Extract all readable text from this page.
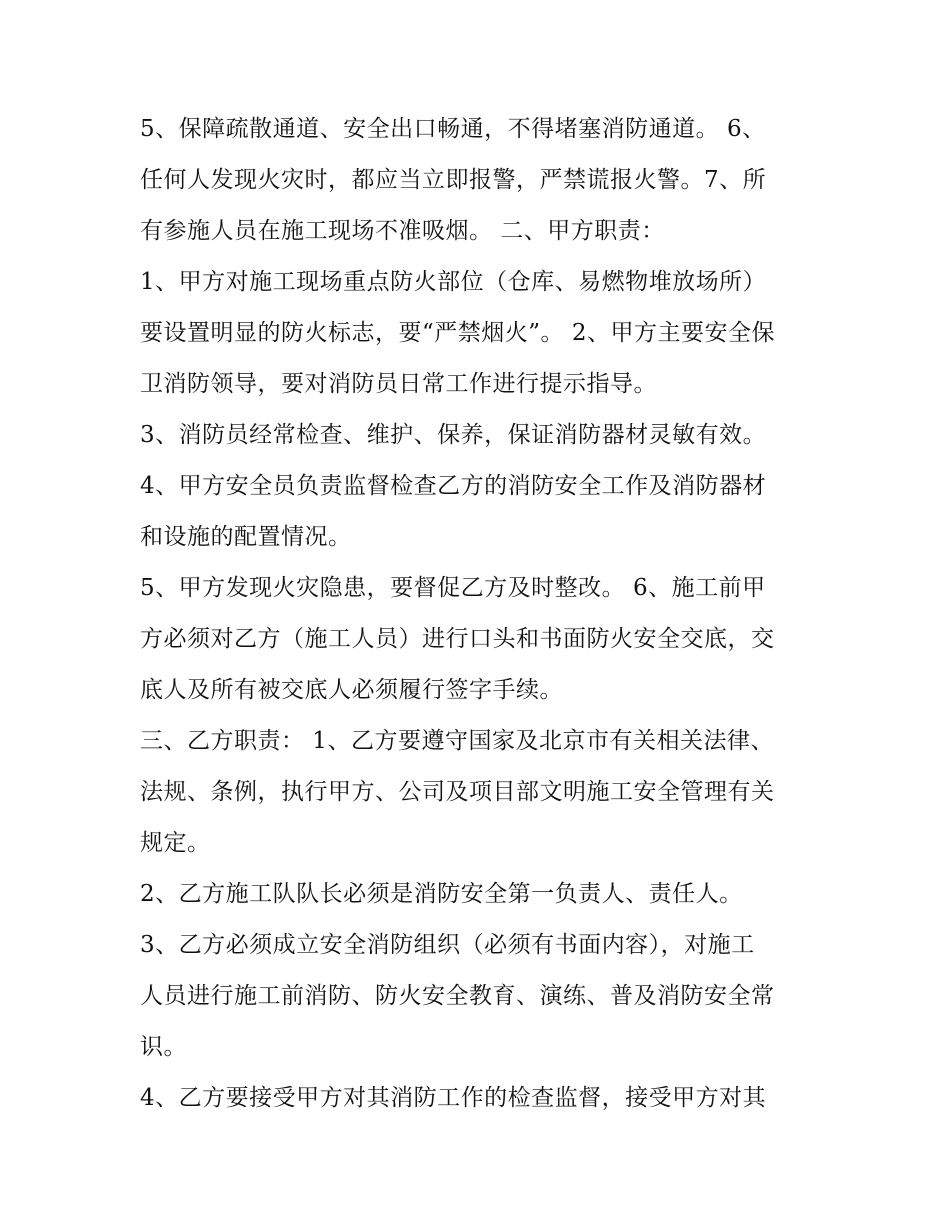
5、保障疏散通道、安全出口畅通，不得堵塞消防通道。 6、
任何人发现火灾时，都应当立即报警，严禁谎报火警。7、所
有参施人员在施工现场不准吸烟。 二、甲方职责：
1、甲方对施工现场重点防火部位（仓库、易燃物堆放场所）
要设置明显的防火标志，要“严禁烟火”。 2、甲方主要安全保
卫消防领导，要对消防员日常工作进行提示指导。
3、消防员经常检查、维护、保养，保证消防器材灵敏有效。
4、甲方安全员负责监督检查乙方的消防安全工作及消防器材
和设施的配置情况。
5、甲方发现火灾隐患，要督促乙方及时整改。 6、施工前甲
方必须对乙方（施工人员）进行口头和书面防火安全交底，交
底人及所有被交底人必须履行签字手续。
三、乙方职责： 1、乙方要遵守国家及北京市有关相关法律、
法规、条例，执行甲方、公司及项目部文明施工安全管理有关
规定。
2、乙方施工队队长必须是消防安全第一负责人、责任人。
3、乙方必须成立安全消防组织（必须有书面内容），对施工
人员进行施工前消防、防火安全教育、演练、普及消防安全常
识。
4、乙方要接受甲方对其消防工作的检查监督，接受甲方对其
